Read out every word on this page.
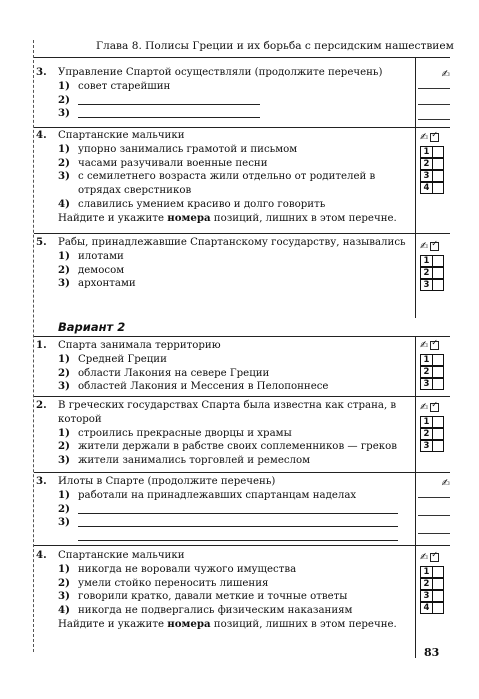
Глава 8. Полисы Греции и их борьба с персидским нашествием
3. Управление Спартой осуществляли (продолжите перечень)
1) совет старейшин
2)
3)
✍
4. Спартанские мальчики
1) упорно занимались грамотой и письмом
2) часами разучивали военные песни
3) с семилетнего возраста жили отдельно от родителей в отрядах сверстников
4) славились умением красиво и долго говорить
Найдите и укажите номера позиций, лишних в этом перечне.
✍✓
1
2
3
4
5. Рабы, принадлежавшие Спартанскому государству, назывались
1) илотами
2) демосом
3) архонтами
✍✓
1
2
3
Вариант 2
1. Спарта занимала территорию
1) Средней Греции
2) области Лакония на севере Греции
3) областей Лакония и Мессения в Пелопоннесе
✍✓
1
2
3
2. В греческих государствах Спарта была известна как страна, в которой
1) строились прекрасные дворцы и храмы
2) жители держали в рабстве своих соплеменников — греков
3) жители занимались торговлей и ремеслом
✍✓
1
2
3
3. Илоты в Спарте (продолжите перечень)
1) работали на принадлежавших спартанцам наделах
2)
3)
✍
4. Спартанские мальчики
1) никогда не воровали чужого имущества
2) умели стойко переносить лишения
3) говорили кратко, давали меткие и точные ответы
4) никогда не подвергались физическим наказаниям
Найдите и укажите номера позиций, лишних в этом перечне.
✍✓
1
2
3
4
83
